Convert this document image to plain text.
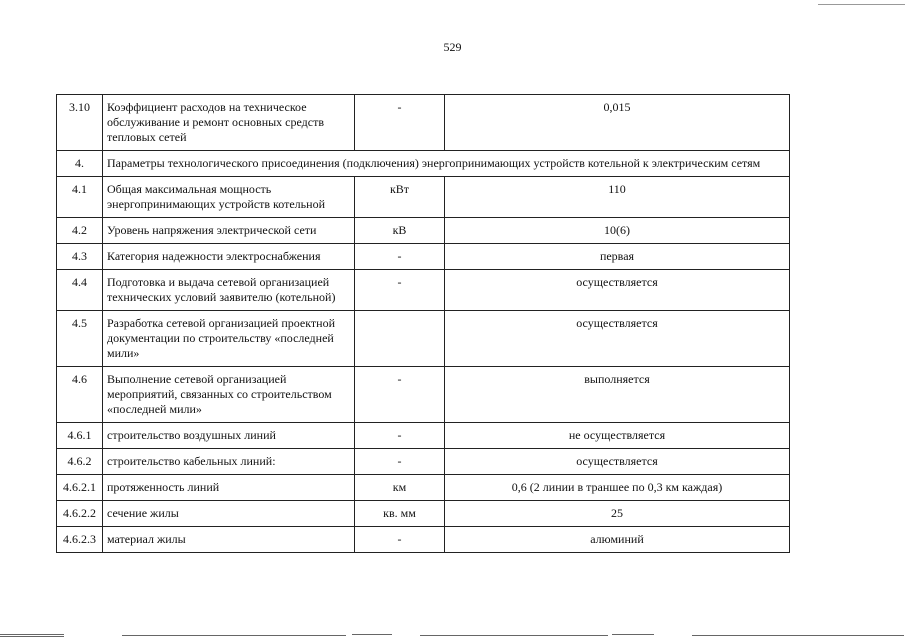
529
3.10	Коэффициент расходов на техническое обслуживание и ремонт основных средств тепловых сетей	-	0,015
4.	Параметры технологического присоединения (подключения) энергопринимающих устройств котельной к электрическим сетям		
4.1	Общая максимальная мощность энергопринимающих устройств котельной	кВт	110
4.2	Уровень напряжения электрической сети	кВ	10(6)
4.3	Категория надежности электроснабжения	-	первая
4.4	Подготовка и выдача сетевой организацией технических условий заявителю (котельной)	-	осуществляется
4.5	Разработка сетевой организацией проектной документации по строительству «последней мили»		осуществляется
4.6	Выполнение сетевой организацией мероприятий, связанных со строительством «последней мили»	-	выполняется
4.6.1	строительство воздушных линий	-	не осуществляется
4.6.2	строительство кабельных линий:	-	осуществляется
4.6.2.1	протяженность линий	км	0,6 (2 линии в траншее по 0,3 км каждая)
4.6.2.2	сечение жилы	кв. мм	25
4.6.2.3	материал жилы	-	алюминий
